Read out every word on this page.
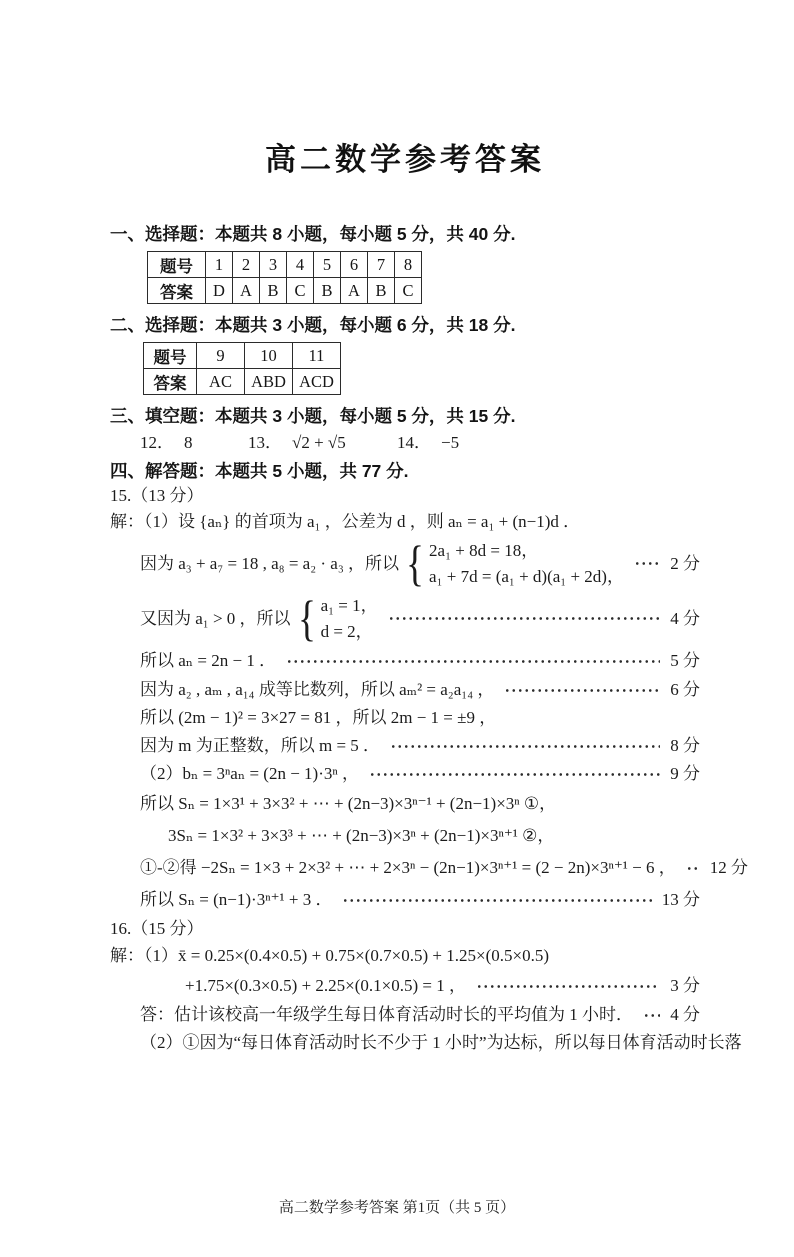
高二数学参考答案
一、选择题：本题共 8 小题，每小题 5 分，共 40 分.
题号	1	2	3	4	5	6	7	8
答案	D	A	B	C	B	A	B	C
二、选择题：本题共 3 小题，每小题 6 分，共 18 分.
题号	9	10	11
答案	AC	ABD	ACD
三、填空题：本题共 3 小题，每小题 5 分，共 15 分.
12． 8	13． √2 + √5	14． −5
四、解答题：本题共 5 小题，共 77 分.
15.（13 分）
解：（1）设 {aₙ} 的首项为 a₁ ，公差为 d ，则 aₙ = a₁ + (n−1)d ．
因为 a₃ + a₇ = 18 , a₈ = a₂ · a₃ ，所以 { 2a₁ + 8d = 18，
a₁ + 7d = (a₁ + d)(a₁ + 2d)，
2 分
又因为 a₁ > 0 ，所以 { a₁ = 1，
d = 2，
4 分
所以 aₙ = 2n − 1 ．	5 分
因为 a₂ , aₘ , a₁₄ 成等比数列，所以 aₘ² = a₂a₁₄ ，	6 分
所以 (2m − 1)² = 3×27 = 81 ，所以 2m − 1 = ±9 ，
因为 m 为正整数，所以 m = 5 ．	8 分
（2）bₙ = 3ⁿaₙ = (2n − 1)·3ⁿ ，	9 分
所以 Sₙ = 1×3¹ + 3×3² + ⋯ + (2n−3)×3ⁿ⁻¹ + (2n−1)×3ⁿ ①，
3Sₙ = 1×3² + 3×3³ + ⋯ + (2n−3)×3ⁿ + (2n−1)×3ⁿ⁺¹ ②，
①-②得 −2Sₙ = 1×3 + 2×3² + ⋯ + 2×3ⁿ − (2n−1)×3ⁿ⁺¹ = (2 − 2n)×3ⁿ⁺¹ − 6 ， 12 分
所以 Sₙ = (n−1)·3ⁿ⁺¹ + 3 ．	13 分
16.（15 分）
解：（1）x̄ = 0.25×(0.4×0.5) + 0.75×(0.7×0.5) + 1.25×(0.5×0.5)
+1.75×(0.3×0.5) + 2.25×(0.1×0.5) = 1 ，	3 分
答：估计该校高一年级学生每日体育活动时长的平均值为 1 小时． 4 分
（2）①因为“每日体育活动时长不少于 1 小时”为达标，所以每日体育活动时长落
高二数学参考答案 第1页（共 5 页）
